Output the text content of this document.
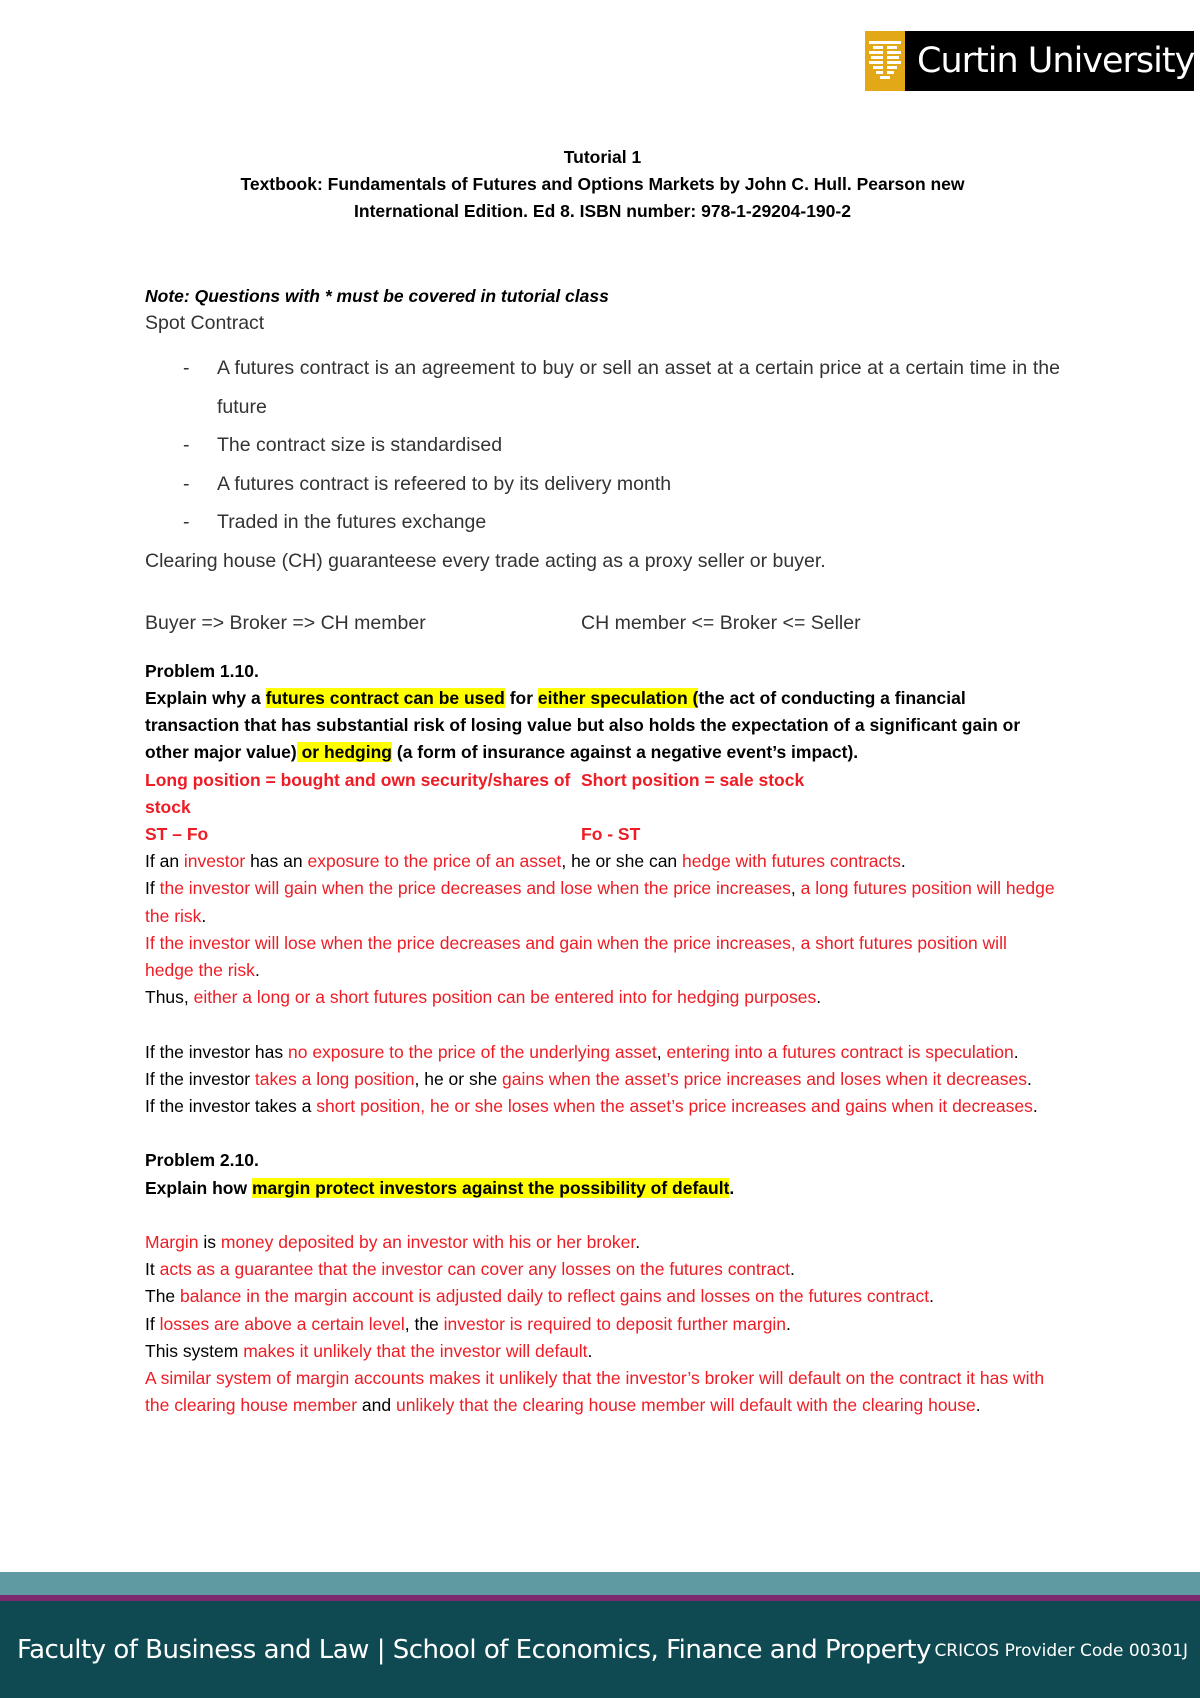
Curtin University
Tutorial 1
Textbook: Fundamentals of Futures and Options Markets by John C. Hull. Pearson new
International Edition. Ed 8. ISBN number: 978-1-29204-190-2
Note: Questions with * must be covered in tutorial class
Spot Contract
- A futures contract is an agreement to buy or sell an asset at a certain price at a certain time in the future
- The contract size is standardised
- A futures contract is refeered to by its delivery month
- Traded in the futures exchange
Clearing house (CH) guaranteese every trade acting as a proxy seller or buyer.
Buyer => Broker => CH member	CH member <= Broker <= Seller
Problem 1.10.
Explain why a futures contract can be used for either speculation (the act of conducting a financial transaction that has substantial risk of losing value but also holds the expectation of a significant gain or other major value) or hedging (a form of insurance against a negative event’s impact).
Long position = bought and own security/shares of stock
Short position = sale stock
ST – Fo	Fo - ST
If an investor has an exposure to the price of an asset, he or she can hedge with futures contracts.
If the investor will gain when the price decreases and lose when the price increases, a long futures position will hedge the risk.
If the investor will lose when the price decreases and gain when the price increases, a short futures position will hedge the risk.
Thus, either a long or a short futures position can be entered into for hedging purposes.
If the investor has no exposure to the price of the underlying asset, entering into a futures contract is speculation.
If the investor takes a long position, he or she gains when the asset’s price increases and loses when it decreases.
If the investor takes a short position, he or she loses when the asset’s price increases and gains when it decreases.
Problem 2.10.
Explain how margin protect investors against the possibility of default.
Margin is money deposited by an investor with his or her broker.
It acts as a guarantee that the investor can cover any losses on the futures contract.
The balance in the margin account is adjusted daily to reflect gains and losses on the futures contract.
If losses are above a certain level, the investor is required to deposit further margin.
This system makes it unlikely that the investor will default.
A similar system of margin accounts makes it unlikely that the investor’s broker will default on the contract it has with the clearing house member and unlikely that the clearing house member will default with the clearing house.
Faculty of Business and Law | School of Economics, Finance and Property CRICOS Provider Code 00301J
